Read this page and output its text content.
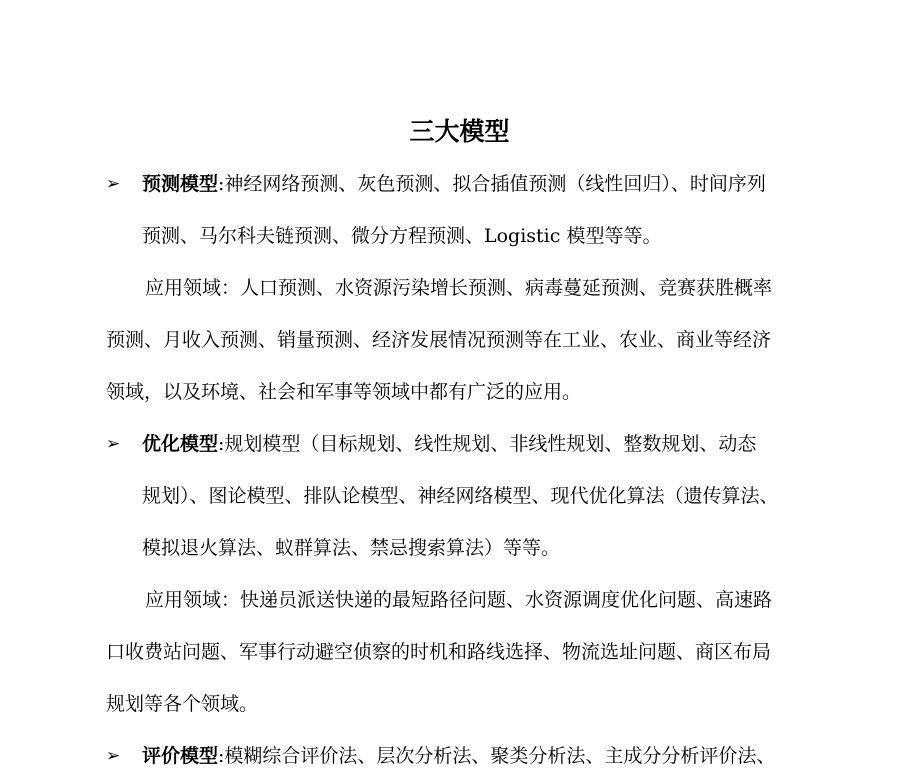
三大模型
➢ 预测模型:神经网络预测、灰色预测、拟合插值预测（线性回归）、时间序列
预测、马尔科夫链预测、微分方程预测、Logistic 模型等等。
应用领域：人口预测、水资源污染增长预测、病毒蔓延预测、竞赛获胜概率
预测、月收入预测、销量预测、经济发展情况预测等在工业、农业、商业等经济
领域，以及环境、社会和军事等领域中都有广泛的应用。
➢ 优化模型:规划模型（目标规划、线性规划、非线性规划、整数规划、动态
规划）、图论模型、排队论模型、神经网络模型、现代优化算法（遗传算法、
模拟退火算法、蚁群算法、禁忌搜索算法）等等。
应用领域：快递员派送快递的最短路径问题、水资源调度优化问题、高速路
口收费站问题、军事行动避空侦察的时机和路线选择、物流选址问题、商区布局
规划等各个领域。
➢ 评价模型:模糊综合评价法、层次分析法、聚类分析法、主成分分析评价法、
